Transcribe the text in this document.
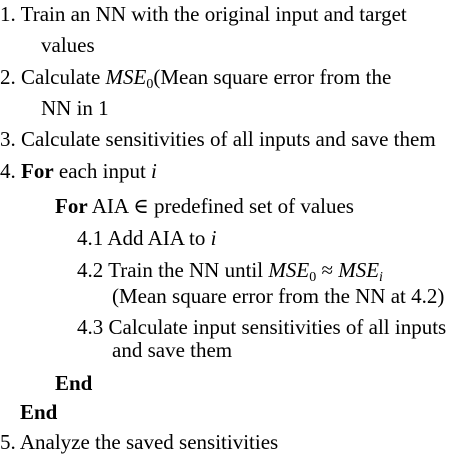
1. Train an NN with the original input and target
values
2. Calculate $MSE_0(Mean$ square error from the
NN in 1
3. Calculate sensitivities of all inputs and save them
4. For each input i
For AIA ∈ predefined set of values
4.1 Add AIA to i
4.2 Train the NN until $MSE_0$ ≈ MSEi
(Mean square error from the NN at 4.2)
4.3 Calculate input sensitivities of all inputs
and save them
End
End
5. Analyze the saved sensitivities
